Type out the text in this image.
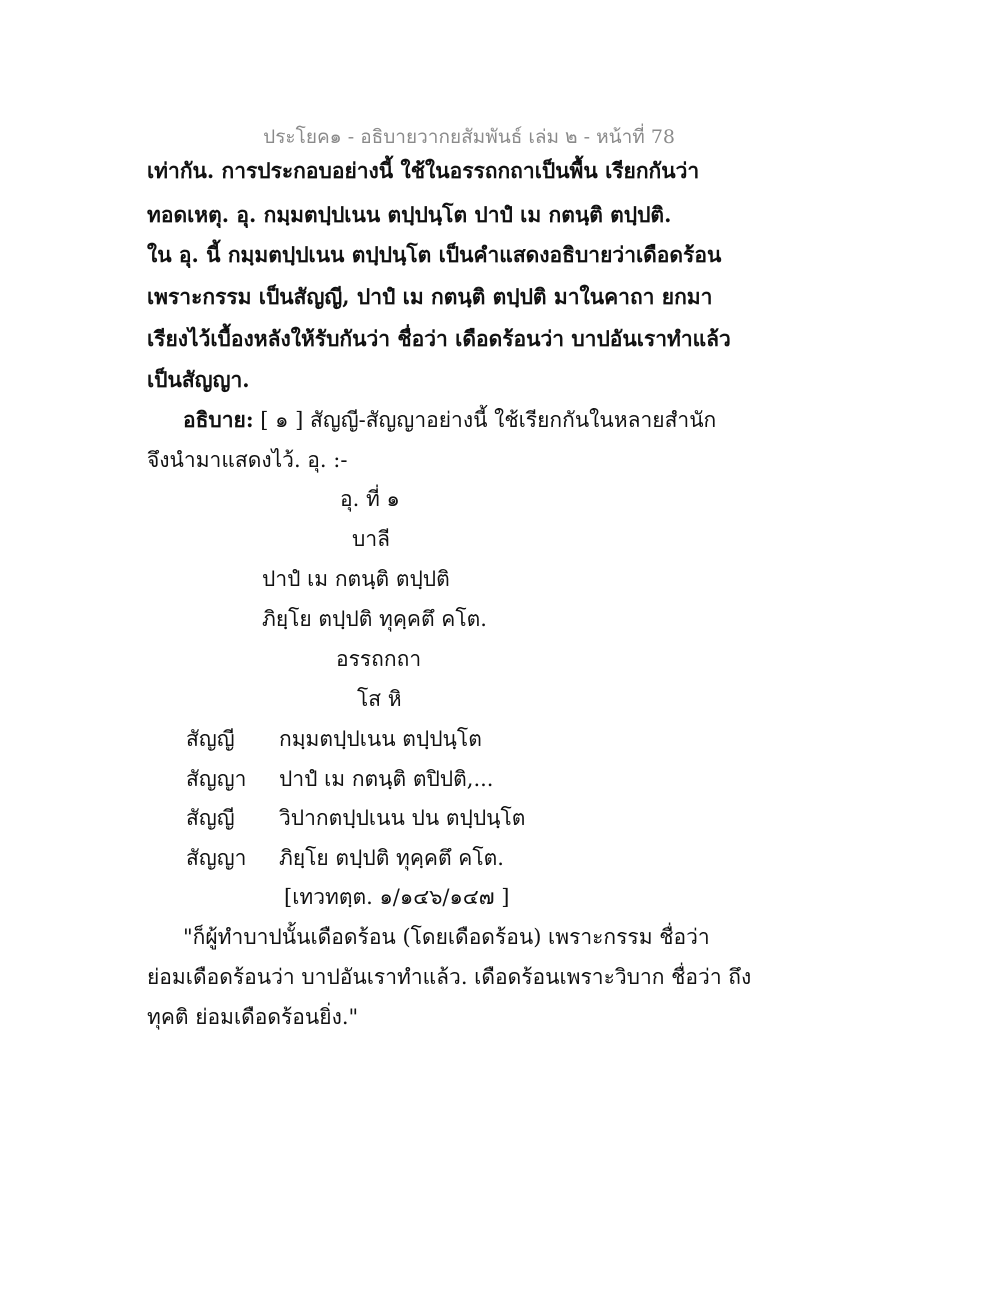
ประโยค๑ - อธิบายวากยสัมพันธ์ เล่ม ๒ - หน้าที่ 78
เท่ากัน. การประกอบอย่างนี้ ใช้ในอรรถกถาเป็นพื้น เรียกกันว่า
ทอดเหตุ. อุ. กมฺมตปฺปเนน ตปฺปนฺโต ปาปํ เม กตนฺติ ตปฺปติ.
ใน อุ. นี้ กมฺมตปฺปเนน ตปฺปนฺโต เป็นคำแสดงอธิบายว่าเดือดร้อน
เพราะกรรม เป็นสัญญี, ปาปํ เม กตนฺติ ตปฺปติ มาในคาถา ยกมา
เรียงไว้เบื้องหลังให้รับกันว่า ชื่อว่า เดือดร้อนว่า บาปอันเราทำแล้ว
เป็นสัญญา.
อธิบาย: [ ๑ ] สัญญี-สัญญาอย่างนี้ ใช้เรียกกันในหลายสำนัก
จึงนำมาแสดงไว้. อุ. :-
อุ. ที่ ๑
บาลี
ปาปํ เม กตนฺติ ตปฺปติ
ภิยฺโย ตปฺปติ ทุคฺคตึ คโต.
อรรถกถา
โส หิ
สัญญี กมฺมตปฺปเนน ตปฺปนฺโต
สัญญา ปาปํ เม กตนฺติ ตปิปติ,...
สัญญี วิปากตปฺปเนน ปน ตปฺปนฺโต
สัญญา ภิยฺโย ตปฺปติ ทุคฺคตึ คโต.
[เทวทตฺต. ๑/๑๔๖/๑๔๗ ]
"ก็ผู้ทำบาปนั้นเดือดร้อน (โดยเดือดร้อน) เพราะกรรม ชื่อว่า
ย่อมเดือดร้อนว่า บาปอันเราทำแล้ว. เดือดร้อนเพราะวิบาก ชื่อว่า ถึง
ทุคติ ย่อมเดือดร้อนยิ่ง."
